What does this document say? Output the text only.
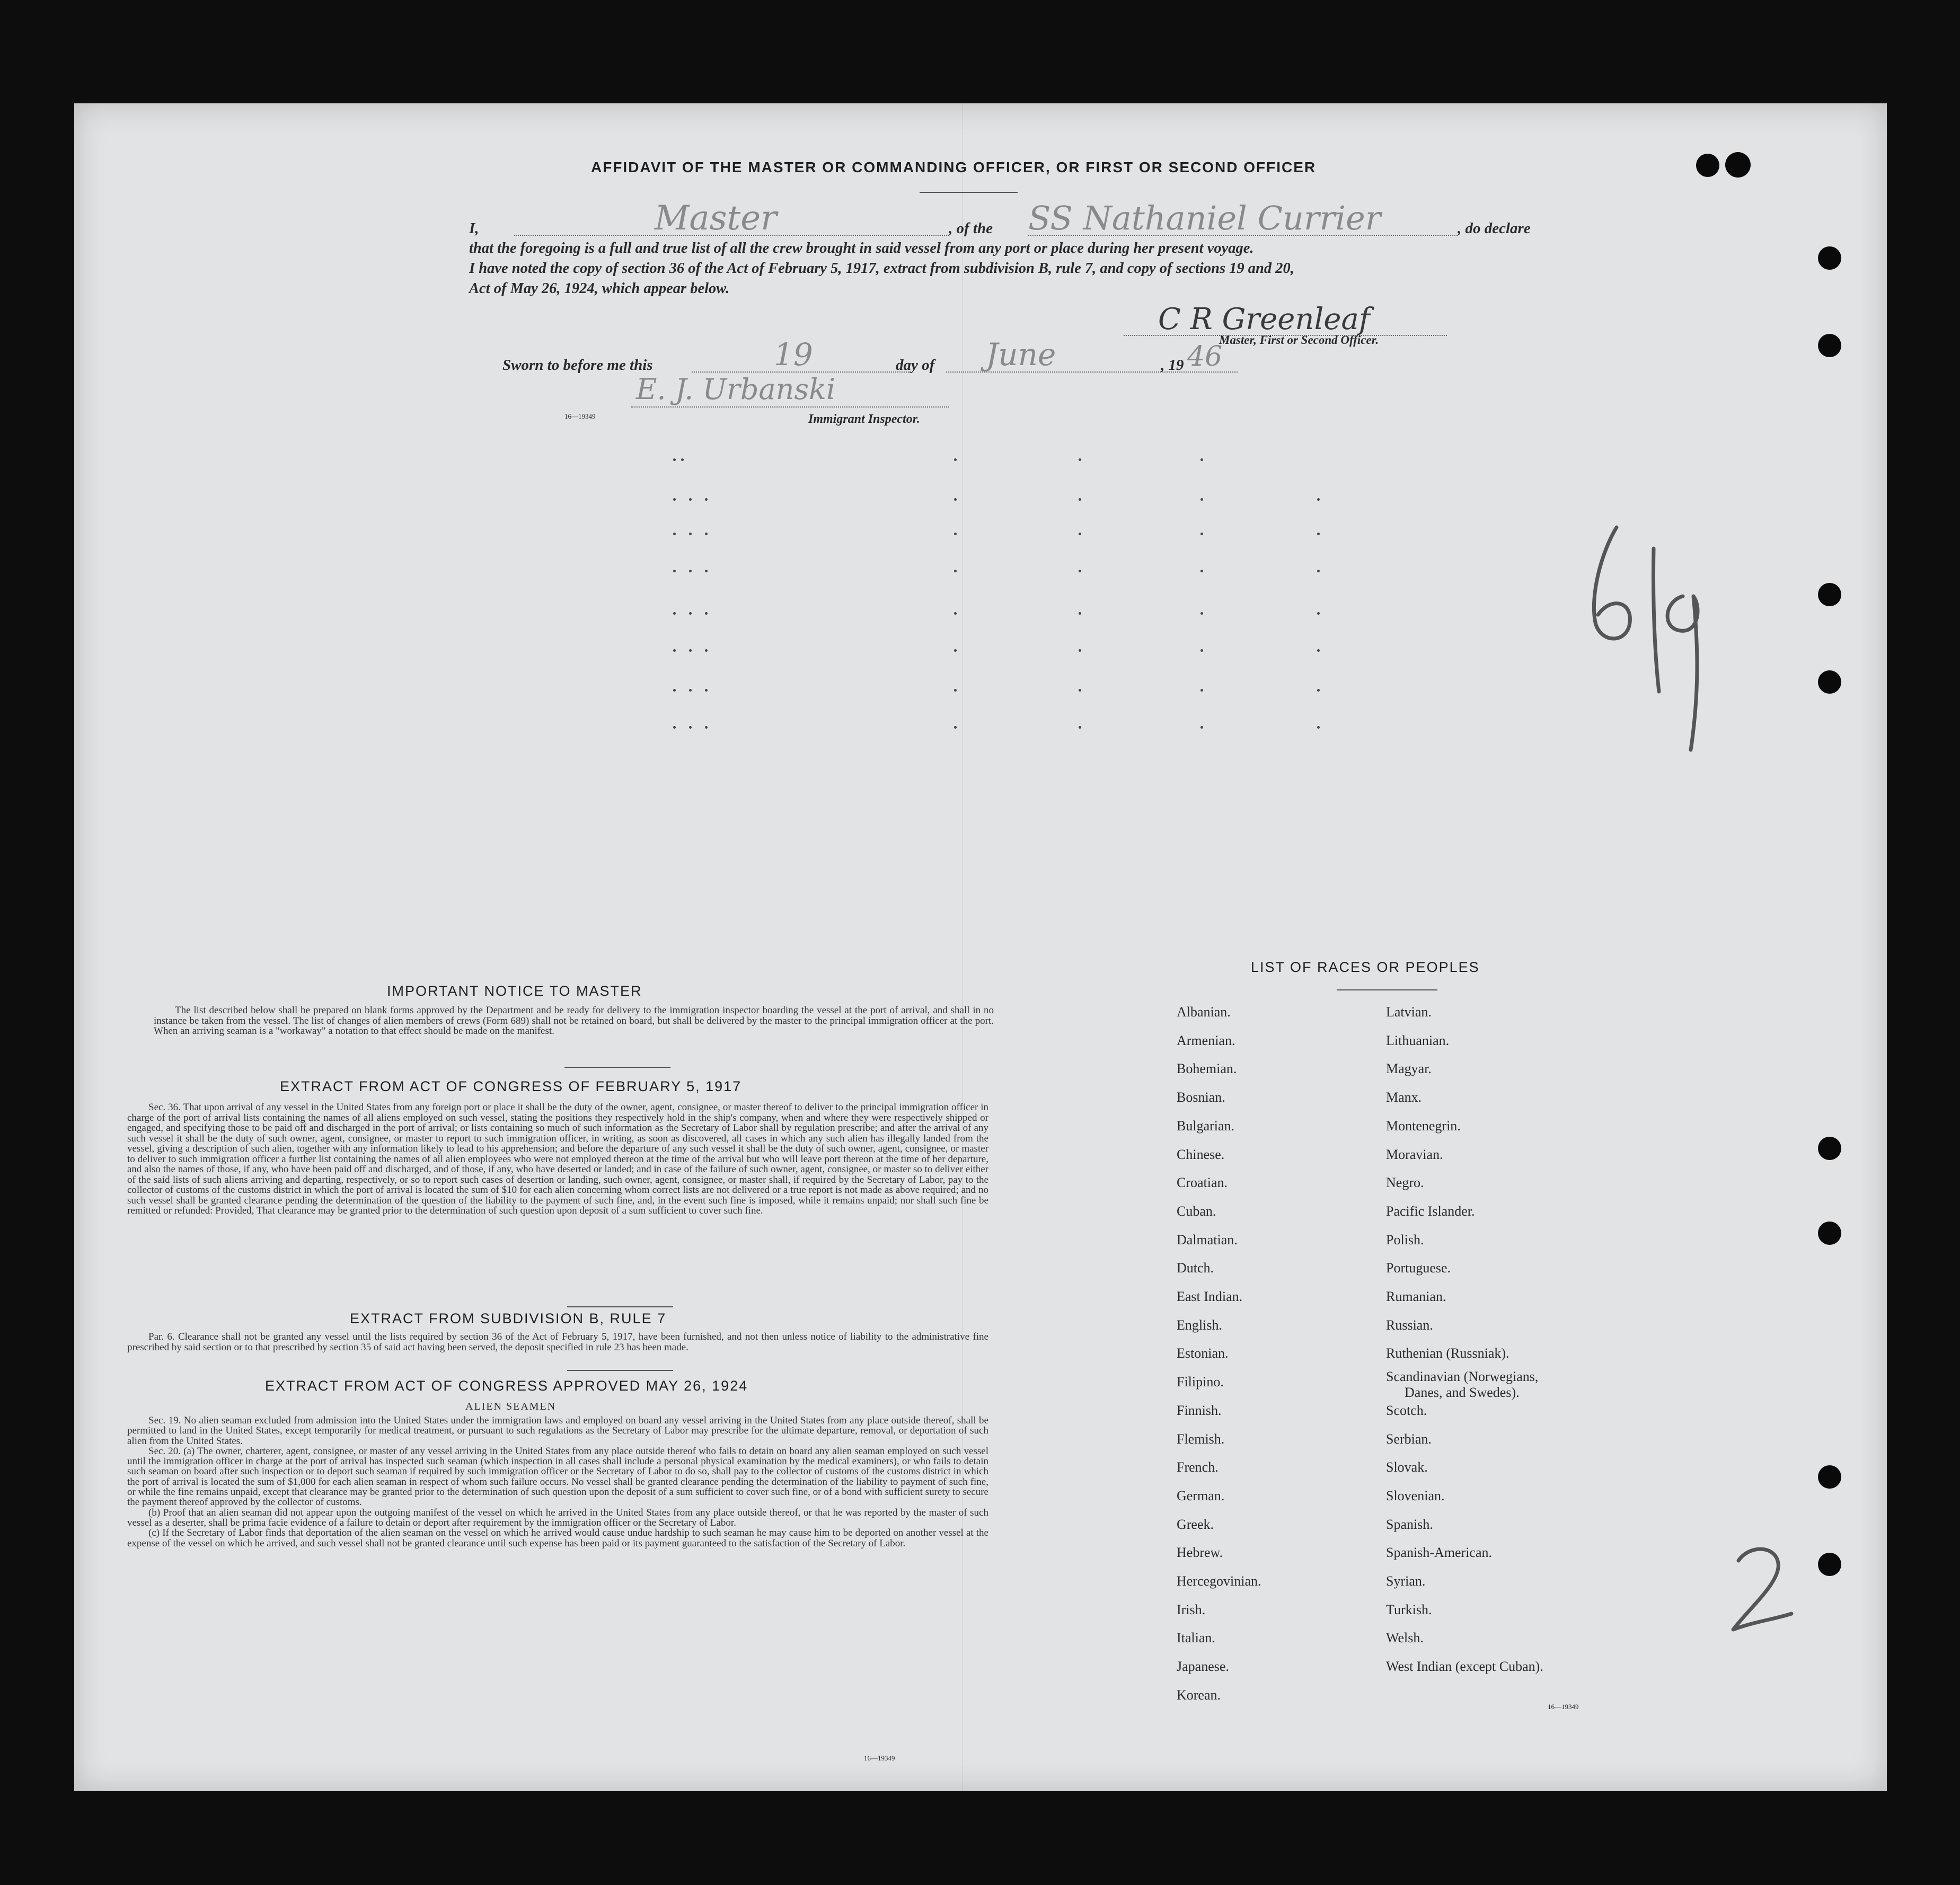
AFFIDAVIT OF THE MASTER OR COMMANDING OFFICER, OR FIRST OR SECOND OFFICER
I,	Master	, of the SS Nathaniel Currier	, do declare
that the foregoing is a full and true list of all the crew brought in said vessel from any port or place during her present voyage.
I have noted the copy of section 36 of the Act of February 5, 1917, extract from subdivision B, rule 7, and copy of sections 19 and 20,
Act of May 26, 1924, which appear below.
C R Greenleaf
Master, First or Second Officer.
Sworn to before me this	19	day of June	, 19 46
E. J. Urbanski
16—19349	Immigrant Inspector.
IMPORTANT NOTICE TO MASTER

The list described below shall be prepared on blank forms approved by the Department and be ready for delivery to the immigration inspector boarding the vessel at the port of arrival, and shall in no instance be taken from the vessel. The list of changes of alien members of crews (Form 689) shall not be retained on board, but shall be delivered by the master to the principal immigration officer at the port. When an arriving seaman is a "workaway" a notation to that effect should be made on the manifest.

EXTRACT FROM ACT OF CONGRESS OF FEBRUARY 5, 1917

Sec. 36. That upon arrival of any vessel in the United States from any foreign port or place it shall be the duty of the owner, agent, consignee, or master thereof to deliver to the principal immigration officer in charge of the port of arrival lists containing the names of all aliens employed on such vessel, stating the positions they respectively hold in the ship's company, when and where they were respectively shipped or engaged, and specifying those to be paid off and discharged in the port of arrival; or lists containing so much of such information as the Secretary of Labor shall by regulation prescribe; and after the arrival of any such vessel it shall be the duty of such owner, agent, consignee, or master to report to such immigration officer, in writing, as soon as discovered, all cases in which any such alien has illegally landed from the vessel, giving a description of such alien, together with any information likely to lead to his apprehension; and before the departure of any such vessel it shall be the duty of such owner, agent, consignee, or master to deliver to such immigration officer a further list containing the names of all alien employees who were not employed thereon at the time of the arrival but who will leave port thereon at the time of her departure, and also the names of those, if any, who have been paid off and discharged, and of those, if any, who have deserted or landed; and in case of the failure of such owner, agent, consignee, or master so to deliver either of the said lists of such aliens arriving and departing, respectively, or so to report such cases of desertion or landing, such owner, agent, consignee, or master shall, if required by the Secretary of Labor, pay to the collector of customs of the customs district in which the port of arrival is located the sum of $10 for each alien concerning whom correct lists are not delivered or a true report is not made as above required; and no such vessel shall be granted clearance pending the determination of the question of the liability to the payment of such fine, and, in the event such fine is imposed, while it remains unpaid; nor shall such fine be remitted or refunded: Provided, That clearance may be granted prior to the determination of such question upon deposit of a sum sufficient to cover such fine.

EXTRACT FROM SUBDIVISION B, RULE 7

Par. 6. Clearance shall not be granted any vessel until the lists required by section 36 of the Act of February 5, 1917, have been furnished, and not then unless notice of liability to the administrative fine prescribed by said section or to that prescribed by section 35 of said act having been served, the deposit specified in rule 23 has been made.

EXTRACT FROM ACT OF CONGRESS APPROVED MAY 26, 1924
ALIEN SEAMEN

Sec. 19. No alien seaman excluded from admission into the United States under the immigration laws and employed on board any vessel arriving in the United States from any place outside thereof, shall be permitted to land in the United States, except temporarily for medical treatment, or pursuant to such regulations as the Secretary of Labor may prescribe for the ultimate departure, removal, or deportation of such alien from the United States.

Sec. 20. (a) The owner, charterer, agent, consignee, or master of any vessel arriving in the United States from any place outside thereof who fails to detain on board any alien seaman employed on such vessel until the immigration officer in charge at the port of arrival has inspected such seaman (which inspection in all cases shall include a personal physical examination by the medical examiners), or who fails to detain such seaman on board after such inspection or to deport such seaman if required by such immigration officer or the Secretary of Labor to do so, shall pay to the collector of customs of the customs district in which the port of arrival is located the sum of $1,000 for each alien seaman in respect of whom such failure occurs. No vessel shall be granted clearance pending the determination of the liability to payment of such fine, or while the fine remains unpaid, except that clearance may be granted prior to the determination of such question upon the deposit of a sum sufficient to cover such fine, or of a bond with sufficient surety to secure the payment thereof approved by the collector of customs.

(b) Proof that an alien seaman did not appear upon the outgoing manifest of the vessel on which he arrived in the United States from any place outside thereof, or that he was reported by the master of such vessel as a deserter, shall be prima facie evidence of a failure to detain or deport after requirement by the immigration officer or the Secretary of Labor.

(c) If the Secretary of Labor finds that deportation of the alien seaman on the vessel on which he arrived would cause undue hardship to such seaman he may cause him to be deported on another vessel at the expense of the vessel on which he arrived, and such vessel shall not be granted clearance until such expense has been paid or its payment guaranteed to the satisfaction of the Secretary of Labor.

16—19349
LIST OF RACES OR PEOPLES
16—19349
Albanian.
Armenian.
Bohemian.
Bosnian.
Bulgarian.
Chinese.
Croatian.
Cuban.
Dalmatian.
Dutch.
East Indian.
English.
Estonian.
Filipino.
Finnish.
Flemish.
French.
German.
Greek.
Hebrew.
Hercegovinian.
Irish.
Italian.
Japanese.
Korean.
Latvian.
Lithuanian.
Magyar.
Manx.
Montenegrin.
Moravian.
Negro.
Pacific Islander.
Polish.
Portuguese.
Rumanian.
Russian.
Ruthenian (Russniak).
Scandinavian (Norwegians,
Danes, and Swedes).
Scotch.
Serbian.
Slovak.
Slovenian.
Spanish.
Spanish-American.
Syrian.
Turkish.
Welsh.
West Indian (except Cuban).
